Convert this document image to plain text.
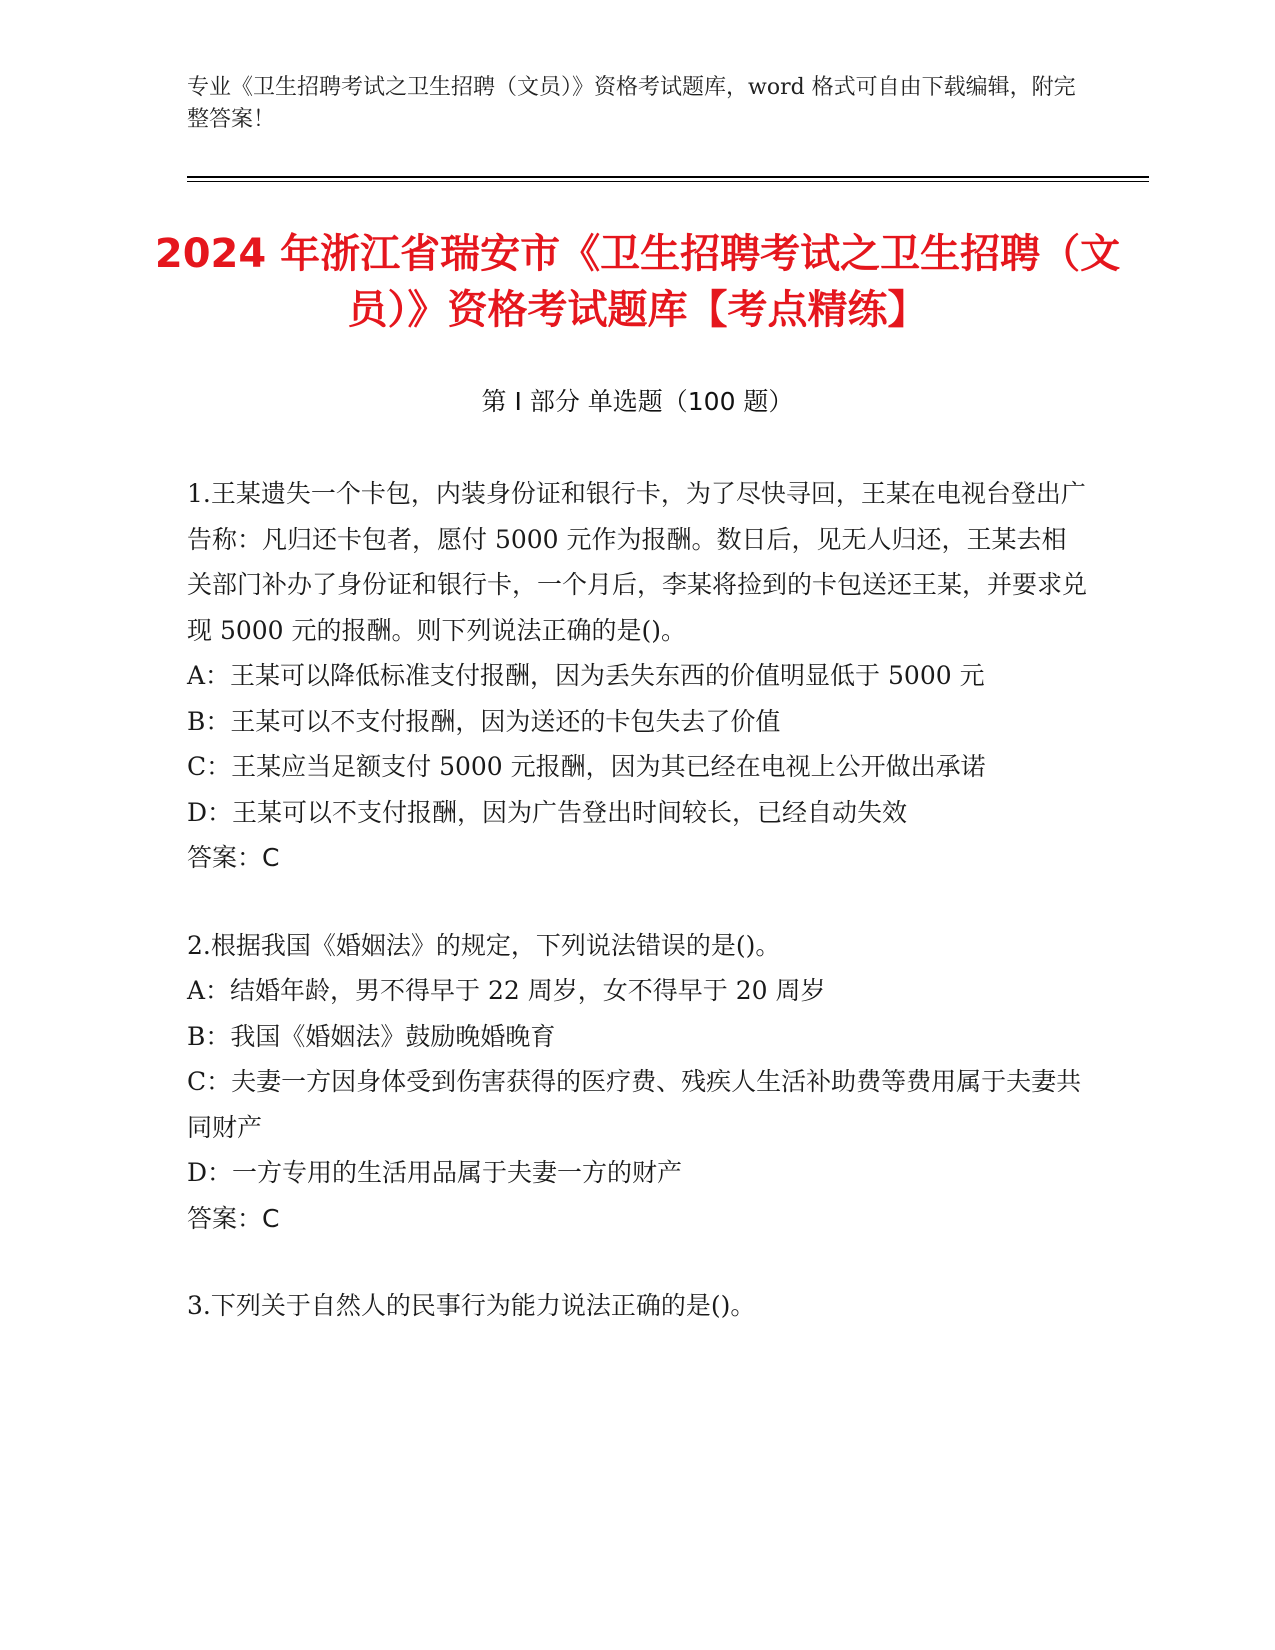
专业《卫生招聘考试之卫生招聘（文员）》资格考试题库，word 格式可自由下载编辑，附完整答案！
2024 年浙江省瑞安市《卫生招聘考试之卫生招聘（文员）》资格考试题库【考点精练】
第 I 部分 单选题（100 题）

1.王某遗失一个卡包，内装身份证和银行卡，为了尽快寻回，王某在电视台登出广告称：凡归还卡包者，愿付 5000 元作为报酬。数日后，见无人归还，王某去相关部门补办了身份证和银行卡，一个月后，李某将捡到的卡包送还王某，并要求兑现 5000 元的报酬。则下列说法正确的是()。

A：王某可以降低标准支付报酬，因为丢失东西的价值明显低于 5000 元

B：王某可以不支付报酬，因为送还的卡包失去了价值

C：王某应当足额支付 5000 元报酬，因为其已经在电视上公开做出承诺

D：王某可以不支付报酬，因为广告登出时间较长，已经自动失效

答案：C

2.根据我国《婚姻法》的规定，下列说法错误的是()。

A：结婚年龄，男不得早于 22 周岁，女不得早于 20 周岁

B：我国《婚姻法》鼓励晚婚晚育

C：夫妻一方因身体受到伤害获得的医疗费、残疾人生活补助费等费用属于夫妻共同财产

D：一方专用的生活用品属于夫妻一方的财产

答案：C

3.下列关于自然人的民事行为能力说法正确的是()。
